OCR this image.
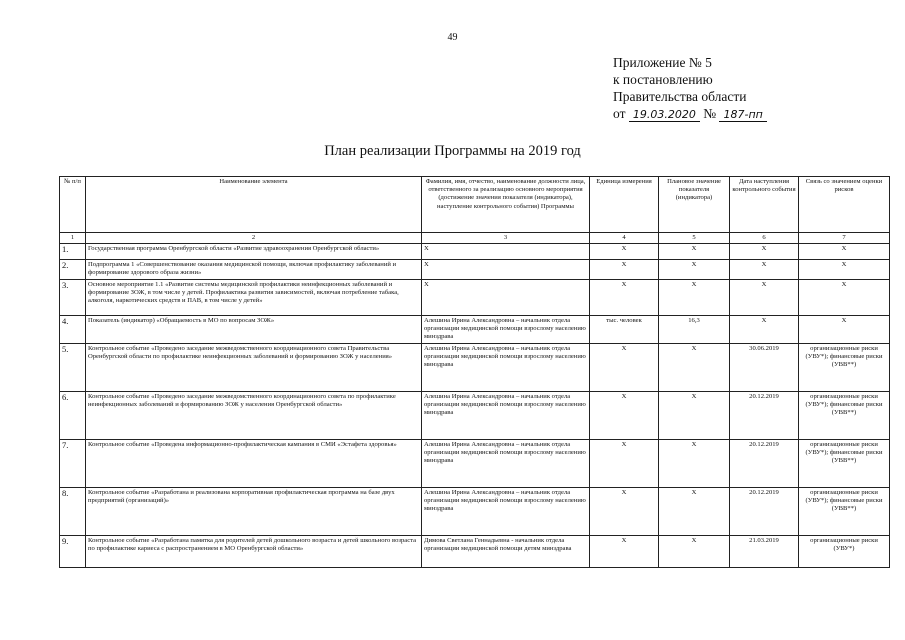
49
Приложение № 5
к постановлению
Правительства области
от 19.03.2020 № 187-пп
План реализации Программы на 2019 год
№ п/п	Наименование элемента	Фамилия, имя, отчество, наименование должности лица, ответственного за реализацию основного мероприятия (достижение значения показателя (индикатора), наступление контрольного события) Программы	Единица измерения	Плановое значение показателя (индикатора)	Дата наступления контрольного события	Связь со значением оценки рисков
1	2	3	4	5	6	7
1.	Государственная программа Оренбургской области «Развитие здравоохранения Оренбургской области»	X	X	X	X	X
2.	Подпрограмма 1 «Совершенствование оказания медицинской помощи, включая профилактику заболеваний и формирование здорового образа жизни»	X	X	X	X	X
3.	Основное мероприятие 1.1 «Развитие системы медицинской профилактики неинфекционных заболеваний и формирование ЗОЖ, в том числе у детей. Профилактика развития зависимостей, включая потребление табака, алкоголя, наркотических средств и ПАВ, в том числе у детей»	X	X	X	X	X
4.	Показатель (индикатор) «Обращаемость в МО по вопросам ЗОЖ»	Алешина Ирина Александровна – начальник отдела организации медицинской помощи взрослому населению минздрава	тыс. человек	16,3	X	X
5.	Контрольное событие «Проведено заседание межведомственного координационного совета Правительства Оренбургской области по профилактике неинфекционных заболеваний и формированию ЗОЖ у населения»	Алешина Ирина Александровна – начальник отдела организации медицинской помощи взрослому населению минздрава	X	X	30.06.2019	организационные риски (УВУ*); финансовые риски (УВВ**)
6.	Контрольное событие «Проведено заседание межведомственного координационного совета по профилактике неинфекционных заболеваний и формированию ЗОЖ у населения Оренбургской области»	Алешина Ирина Александровна – начальник отдела организации медицинской помощи взрослому населению минздрава	X	X	20.12.2019	организационные риски (УВУ*); финансовые риски (УВВ**)
7.	Контрольное событие «Проведена информационно-профилактическая кампания в СМИ «Эстафета здоровья»	Алешина Ирина Александровна – начальник отдела организации медицинской помощи взрослому населению минздрава	X	X	20.12.2019	организационные риски (УВУ*); финансовые риски (УВВ**)
8.	Контрольное событие «Разработана и реализована корпоративная профилактическая программа на базе двух предприятий (организаций)»	Алешина Ирина Александровна – начальник отдела организации медицинской помощи взрослому населению минздрава	X	X	20.12.2019	организационные риски (УВУ*); финансовые риски (УВВ**)
9.	Контрольное событие «Разработана памятка для родителей детей дошкольного возраста и детей школьного возраста по профилактике кариеса с распространением в МО Оренбургской области»	Димова Светлана Геннадьевна - начальник отдела организации медицинской помощи детям минздрава	X	X	21.03.2019	организационные риски (УВУ*)
